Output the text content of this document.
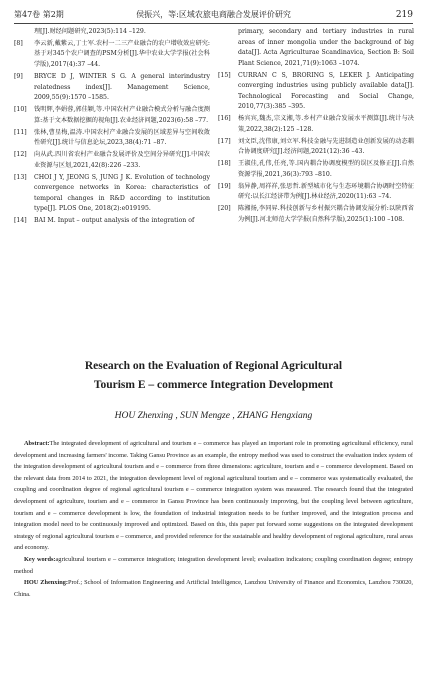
第47卷 第2期	侯振兴，等:区域农旅电商融合发展评价研究	219
理[J].财经问题研究,2023(5):114 –129.
[8] 李云新,戴紫云,丁士军.农村一二三产业融合的农户增收效应研究:基于对345个农户调查的PSM分析[J].华中农业大学学报(社会科学版),2017(4):37 –44.
[9] BRYCE D J, WINTER S G. A general interindustry relatedness index[J]. Management Science, 2009,55(9):1570 –1585.
[10] 钱明辉,李娟蓉,郭佳颖,等.中国农村产业融合模式分析与融合度测算:基于文本数据挖掘的视角[J].农业经济问题,2023(6):58 –77.
[11] 张林,曹星梅,温涛.中国农村产业融合发展的区域差异与空间收敛性研究[J].统计与信息论坛,2023,38(4):71 –87.
[12] 向从武.四川省农村产业融合发展评价及空间分异研究[J].中国农业资源与区划,2021,42(8):226 –233.
[13] CHOI J Y, JEONG S, JUNG J K. Evolution of technology convergence networks in Korea: characteristics of temporal changes in R&D according to institution type[J]. PLOS One, 2018(2):e019195.
[14] BAI M. Input – output analysis of the integration of
primary, secondary and tertiary industries in rural areas of inner mongolia under the background of big data[J]. Acta Agriculturae Scandinavica, Section B: Soil Plant Science, 2021,71(9):1063 –1074.
[15] CURRAN C S, BRORING S, LEKER J. Anticipating converging industries using publicly available data[J]. Technological Forecasting and Social Change, 2010,77(3):385 –395.
[16] 杨宾宾,魏杰,宗义湘,等.乡村产业融合发展水平测算[J].统计与决策,2022,38(2):125 –128.
[17] 刘文臣,沈伟康,刘立军.科技金融与先进制造业创新发展的动态耦合协调度研究[J].经济问题,2021(12):36 –43.
[18] 王淑佳,孔伟,任亮,等.国内耦合协调度模型的误区及修正[J].自然资源学报,2021,36(3):793 –810.
[19] 翁异静,周祥祥,张思哲.新型城市化与生态环境耦合协调时空特征研究:以长江经济带为例[J].林业经济,2020(11):63 –74.
[20] 陈湘扬,李同昇.科技创新与乡村振兴耦合协调发展分析:以陕西省为例[J].河北师范大学学报(自然科学版),2025(1):100 –108.
Research on the Evaluation of Regional Agricultural
Tourism E – commerce Integration Development
HOU Zhenxing , SUN Mengze , ZHANG Hengxiang

Abstract:The integrated development of agricultural and tourism e – commerce has played an important role in promoting agricultural efficiency, rural development and increasing farmers' income. Taking Gansu Province as an example, the entropy method was used to construct the evaluation index system of the integration development of agricultural tourism and e – commerce from three dimensions: agriculture, tourism and e – commerce development. Based on the relevant data from 2014 to 2021, the integration development level of regional agricultural tourism and e – commerce was systematically evaluated, the coupling and coordination degree of regional agricultural tourism e – commerce integration system was measured. The research found that the integrated development of agriculture, tourism and e – commerce in Gansu Province has been continuously improving, but the coupling level between agriculture, tourism and e – commerce development is low, the foundation of industrial integration needs to be further improved, and the integration process and integration model need to be continuously improved and optimized. Based on this, this paper put forward some suggestions on the integrated development strategy of regional agricultural tourism e – commerce, and provided reference for the sustainable and healthy development of regional agriculture, rural areas and economy.

Key words:agricultural tourism e – commerce integration; integration development level; evaluation indicators; coupling coordination degree; entropy method

HOU Zhenxing:Prof.; School of Information Engineering and Artificial Intelligence, Lanzhou University of Finance and Economics, Lanzhou 730020, China.
